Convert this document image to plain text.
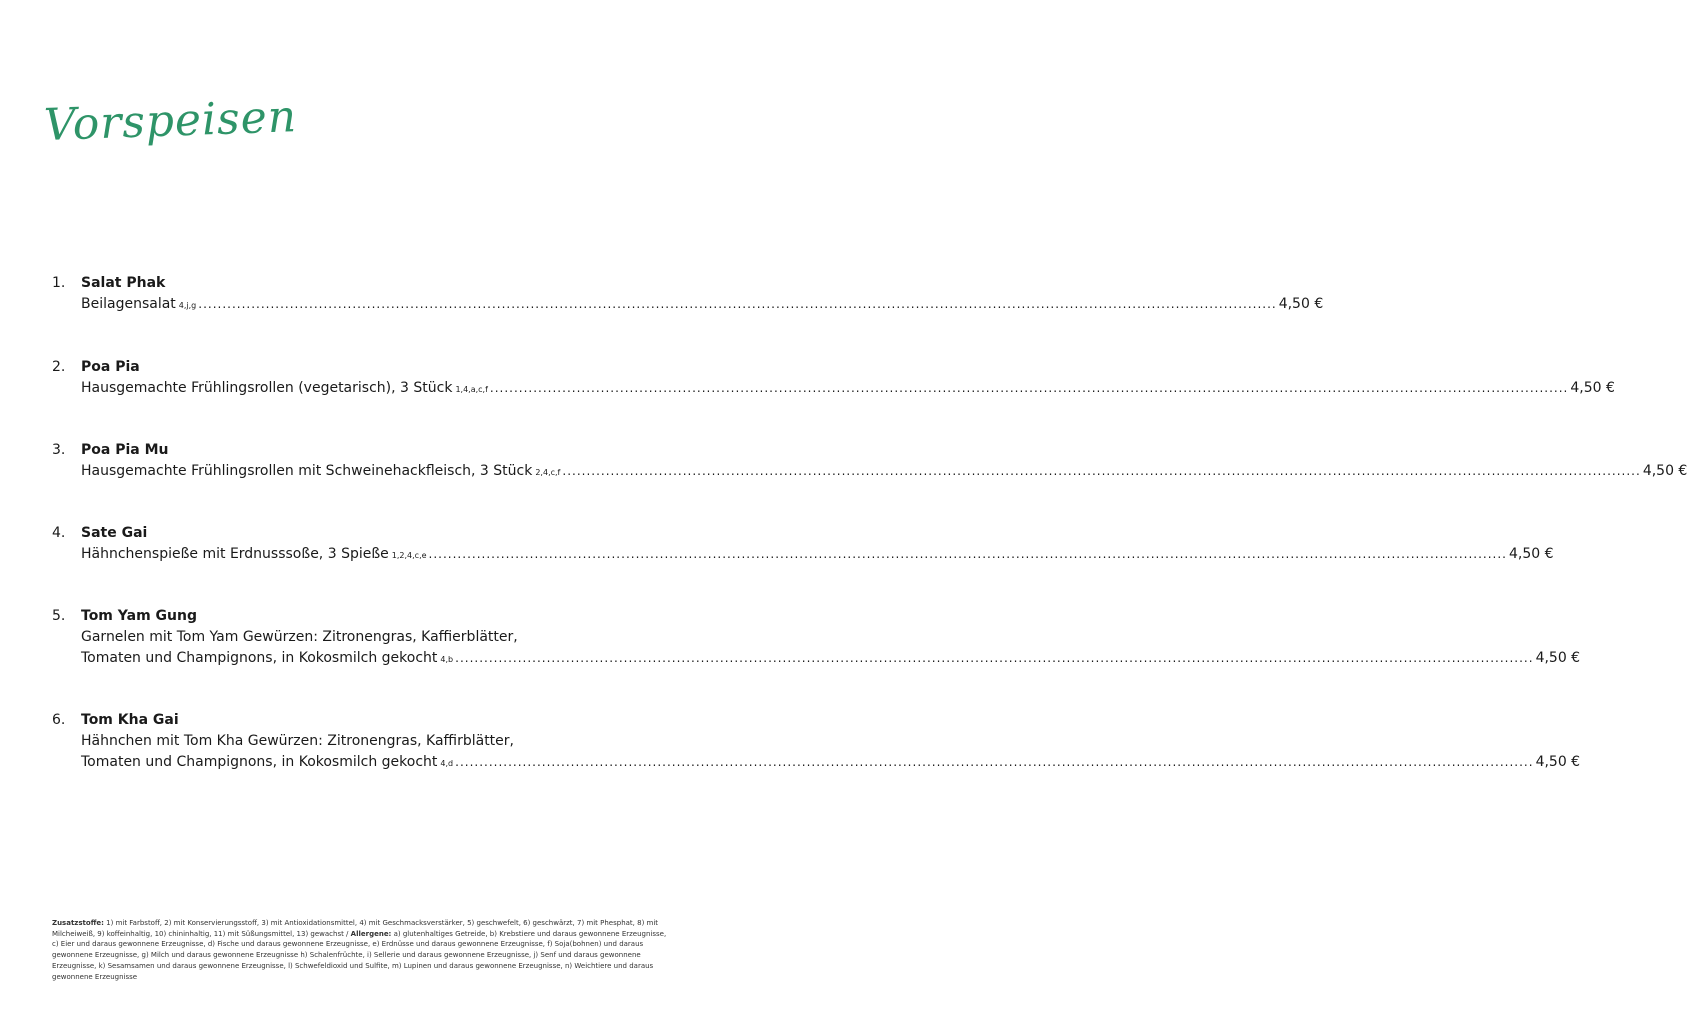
Vorspeisen
1.	Salat Phak
Beilagensalat 4,j,g ................................................................................................................................................................................................................................ 4,50 €
2.	Poa Pia
Hausgemachte Frühlingsrollen (vegetarisch), 3 Stück 1,4,a,c,f ................................................................................................................................................................................................................................ 4,50 €
3.	Poa Pia Mu
Hausgemachte Frühlingsrollen mit Schweinehackfleisch, 3 Stück 2,4,c,f ................................................................................................................................................................................................................................ 4,50 €
4.	Sate Gai
Hähnchenspieße mit Erdnusssoße, 3 Spieße 1,2,4,c,e ................................................................................................................................................................................................................................ 4,50 €
5.	Tom Yam Gung
Garnelen mit Tom Yam Gewürzen: Zitronengras, Kaffierblätter,
Tomaten und Champignons, in Kokosmilch gekocht 4,b ................................................................................................................................................................................................................................ 4,50 €
6.	Tom Kha Gai
Hähnchen mit Tom Kha Gewürzen: Zitronengras, Kaffirblätter,
Tomaten und Champignons, in Kokosmilch gekocht 4,d ................................................................................................................................................................................................................................ 4,50 €
Zusatzstoffe: 1) mit Farbstoff, 2) mit Konservierungsstoff, 3) mit Antioxidationsmittel, 4) mit Geschmacksverstärker, 5) geschwefelt, 6) geschwärzt, 7) mit Phesphat, 8) mit Milcheiweiß, 9) koffeinhaltig, 10) chininhaltig, 11) mit Süßungsmittel, 13) gewachst / Allergene: a) glutenhaltiges Getreide, b) Krebstiere und daraus gewonnene Erzeugnisse, c) Eier und daraus gewonnene Erzeugnisse, d) Fische und daraus gewonnene Erzeugnisse, e) Erdnüsse und daraus gewonnene Erzeugnisse, f) Soja(bohnen) und daraus gewonnene Erzeugnisse, g) Milch und daraus gewonnene Erzeugnisse h) Schalenfrüchte, i) Sellerie und daraus gewonnene Erzeugnisse, j) Senf und daraus gewonnene Erzeugnisse, k) Sesamsamen und daraus gewonnene Erzeugnisse, l) Schwefeldioxid und Sulfite, m) Lupinen und daraus gewonnene Erzeugnisse, n) Weichtiere und daraus gewonnene Erzeugnisse
